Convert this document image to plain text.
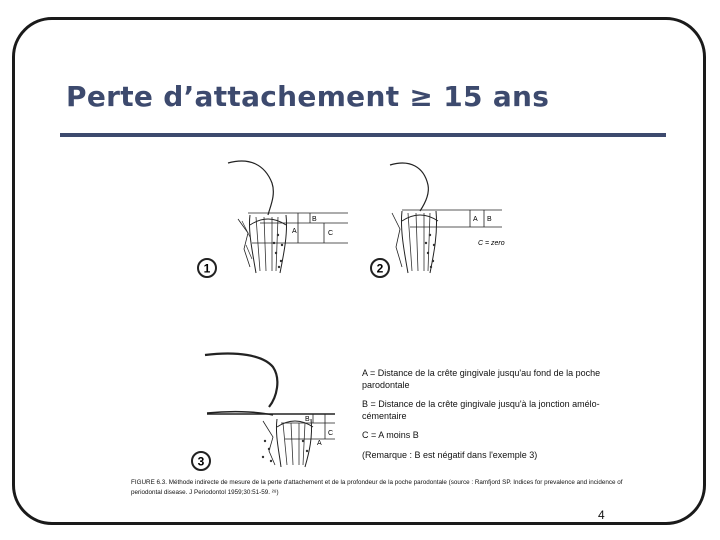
Perte d’attachement ≥ 15 ans
A
B
C
1
A B
C = zero
2
B
C
A
3

A = Distance de la crête gingivale jusqu'au fond de la poche parodontale

B = Distance de la crête gingivale jusqu'à la jonction amélo-cémentaire

C = A moins B

(Remarque : B est négatif dans l'exemple 3)

FIGURE 6.3. Méthode indirecte de mesure de la perte d'attachement et de la profondeur de la poche parodontale (source : Ramfjord SP. Indices for prevalence and incidence of periodontal disease. J Periodontol 1959;30:51-59. ²⁸)
4
